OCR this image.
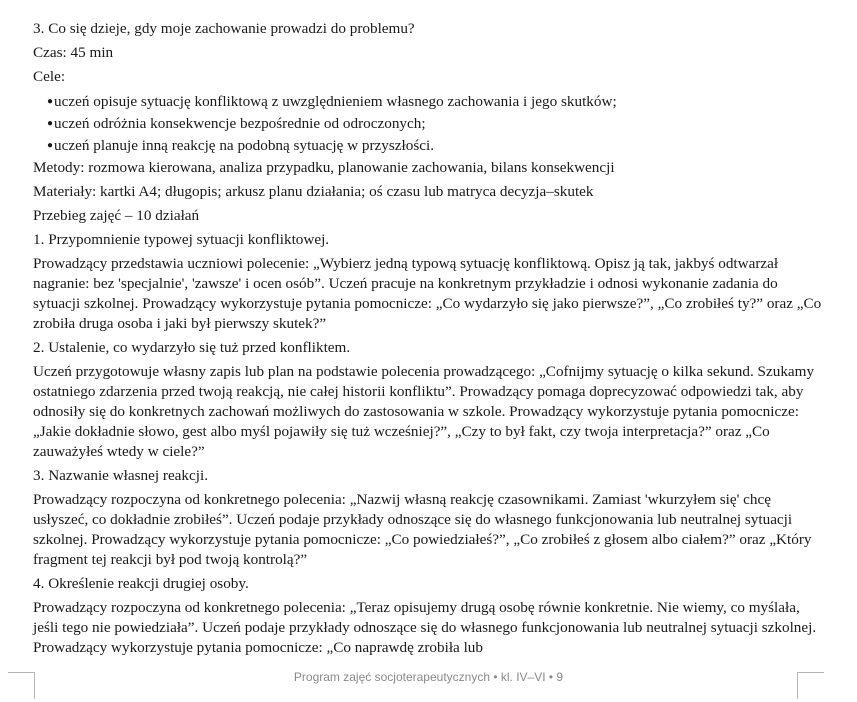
3. Co się dzieje, gdy moje zachowanie prowadzi do problemu?

Czas: 45 min

Cele:

● uczeń opisuje sytuację konfliktową z uwzględnieniem własnego zachowania i jego skutków;
● uczeń odróżnia konsekwencje bezpośrednie od odroczonych;
● uczeń planuje inną reakcję na podobną sytuację w przyszłości.

Metody: rozmowa kierowana, analiza przypadku, planowanie zachowania, bilans konsekwencji

Materiały: kartki A4; długopis; arkusz planu działania; oś czasu lub matryca decyzja–skutek

Przebieg zajęć – 10 działań

1. Przypomnienie typowej sytuacji konfliktowej.

Prowadzący przedstawia uczniowi polecenie: „Wybierz jedną typową sytuację konfliktową. Opisz ją tak, jakbyś odtwarzał nagranie: bez 'specjalnie', 'zawsze' i ocen osób”. Uczeń pracuje na konkretnym przykładzie i odnosi wykonanie zadania do sytuacji szkolnej. Prowadzący wykorzystuje pytania pomocnicze: „Co wydarzyło się jako pierwsze?”, „Co zrobiłeś ty?” oraz „Co zrobiła druga osoba i jaki był pierwszy skutek?”

2. Ustalenie, co wydarzyło się tuż przed konfliktem.

Uczeń przygotowuje własny zapis lub plan na podstawie polecenia prowadzącego: „Cofnijmy sytuację o kilka sekund. Szukamy ostatniego zdarzenia przed twoją reakcją, nie całej historii konfliktu”. Prowadzący pomaga doprecyzować odpowiedzi tak, aby odnosiły się do konkretnych zachowań możliwych do zastosowania w szkole. Prowadzący wykorzystuje pytania pomocnicze: „Jakie dokładnie słowo, gest albo myśl pojawiły się tuż wcześniej?”, „Czy to był fakt, czy twoja interpretacja?” oraz „Co zauważyłeś wtedy w ciele?”

3. Nazwanie własnej reakcji.

Prowadzący rozpoczyna od konkretnego polecenia: „Nazwij własną reakcję czasownikami. Zamiast 'wkurzyłem się' chcę usłyszeć, co dokładnie zrobiłeś”. Uczeń podaje przykłady odnoszące się do własnego funkcjonowania lub neutralnej sytuacji szkolnej. Prowadzący wykorzystuje pytania pomocnicze: „Co powiedziałeś?”, „Co zrobiłeś z głosem albo ciałem?” oraz „Który fragment tej reakcji był pod twoją kontrolą?”

4. Określenie reakcji drugiej osoby.

Prowadzący rozpoczyna od konkretnego polecenia: „Teraz opisujemy drugą osobę równie konkretnie. Nie wiemy, co myślała, jeśli tego nie powiedziała”. Uczeń podaje przykłady odnoszące się do własnego funkcjonowania lub neutralnej sytuacji szkolnej. Prowadzący wykorzystuje pytania pomocnicze: „Co naprawdę zrobiła lub

Program zajęć socjoterapeutycznych • kl. IV–VI • 9
